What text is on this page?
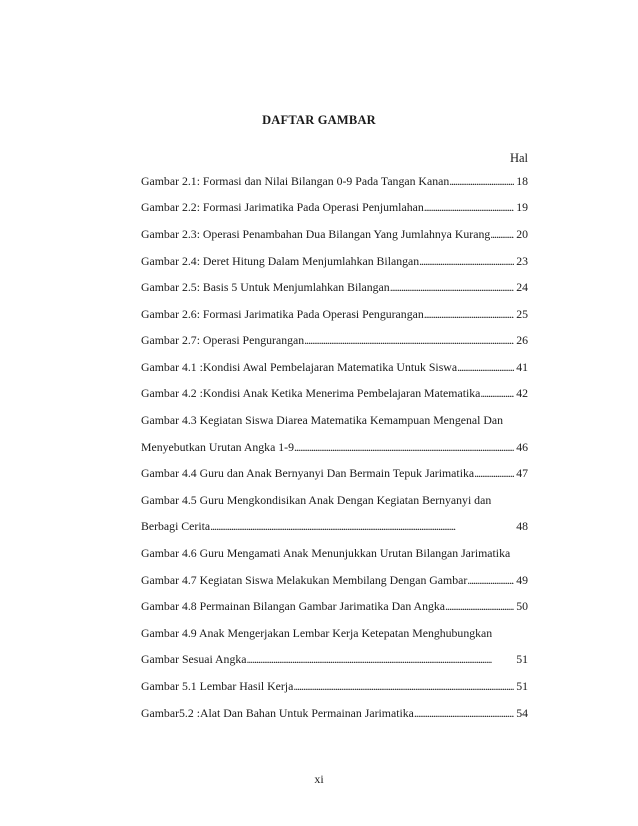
DAFTAR GAMBAR
Hal
Gambar 2.1: Formasi dan Nilai Bilangan 0-9 Pada Tangan Kanan . . .	18
Gambar 2.2: Formasi Jarimatika Pada Operasi Penjumlahan . . .	19
Gambar 2.3: Operasi Penambahan Dua Bilangan Yang Jumlahnya Kurang . . . 20
Gambar 2.4: Deret Hitung Dalam Menjumlahkan Bilangan . . .	23
Gambar 2.5: Basis 5 Untuk Menjumlahkan Bilangan . . .	24
Gambar 2.6: Formasi Jarimatika Pada Operasi Pengurangan . . .	25
Gambar 2.7: Operasi Pengurangan . . .	26
Gambar 4.1 :Kondisi Awal Pembelajaran Matematika Untuk Siswa . . .	41
Gambar 4.2 :Kondisi Anak Ketika Menerima Pembelajaran Matematika . . .	42
Gambar 4.3 Kegiatan Siswa Diarea Matematika Kemampuan Mengenal Dan
Menyebutkan Urutan Angka 1-9 . . .	46
Gambar 4.4 Guru dan Anak Bernyanyi Dan Bermain Tepuk Jarimatika . . .	47
Gambar 4.5 Guru Mengkondisikan Anak Dengan Kegiatan Bernyanyi dan
Berbagi Cerita . . .	48
Gambar 4.6 Guru Mengamati Anak Menunjukkan Urutan Bilangan Jarimatika
Gambar 4.7 Kegiatan Siswa Melakukan Membilang Dengan Gambar . . .	49
Gambar 4.8 Permainan Bilangan Gambar Jarimatika Dan Angka . . .	50
Gambar 4.9 Anak Mengerjakan Lembar Kerja Ketepatan Menghubungkan
Gambar Sesuai Angka . . .	51
Gambar 5.1 Lembar Hasil Kerja . . .	51
Gambar5.2 :Alat Dan Bahan Untuk Permainan Jarimatika . . .	54
xi
